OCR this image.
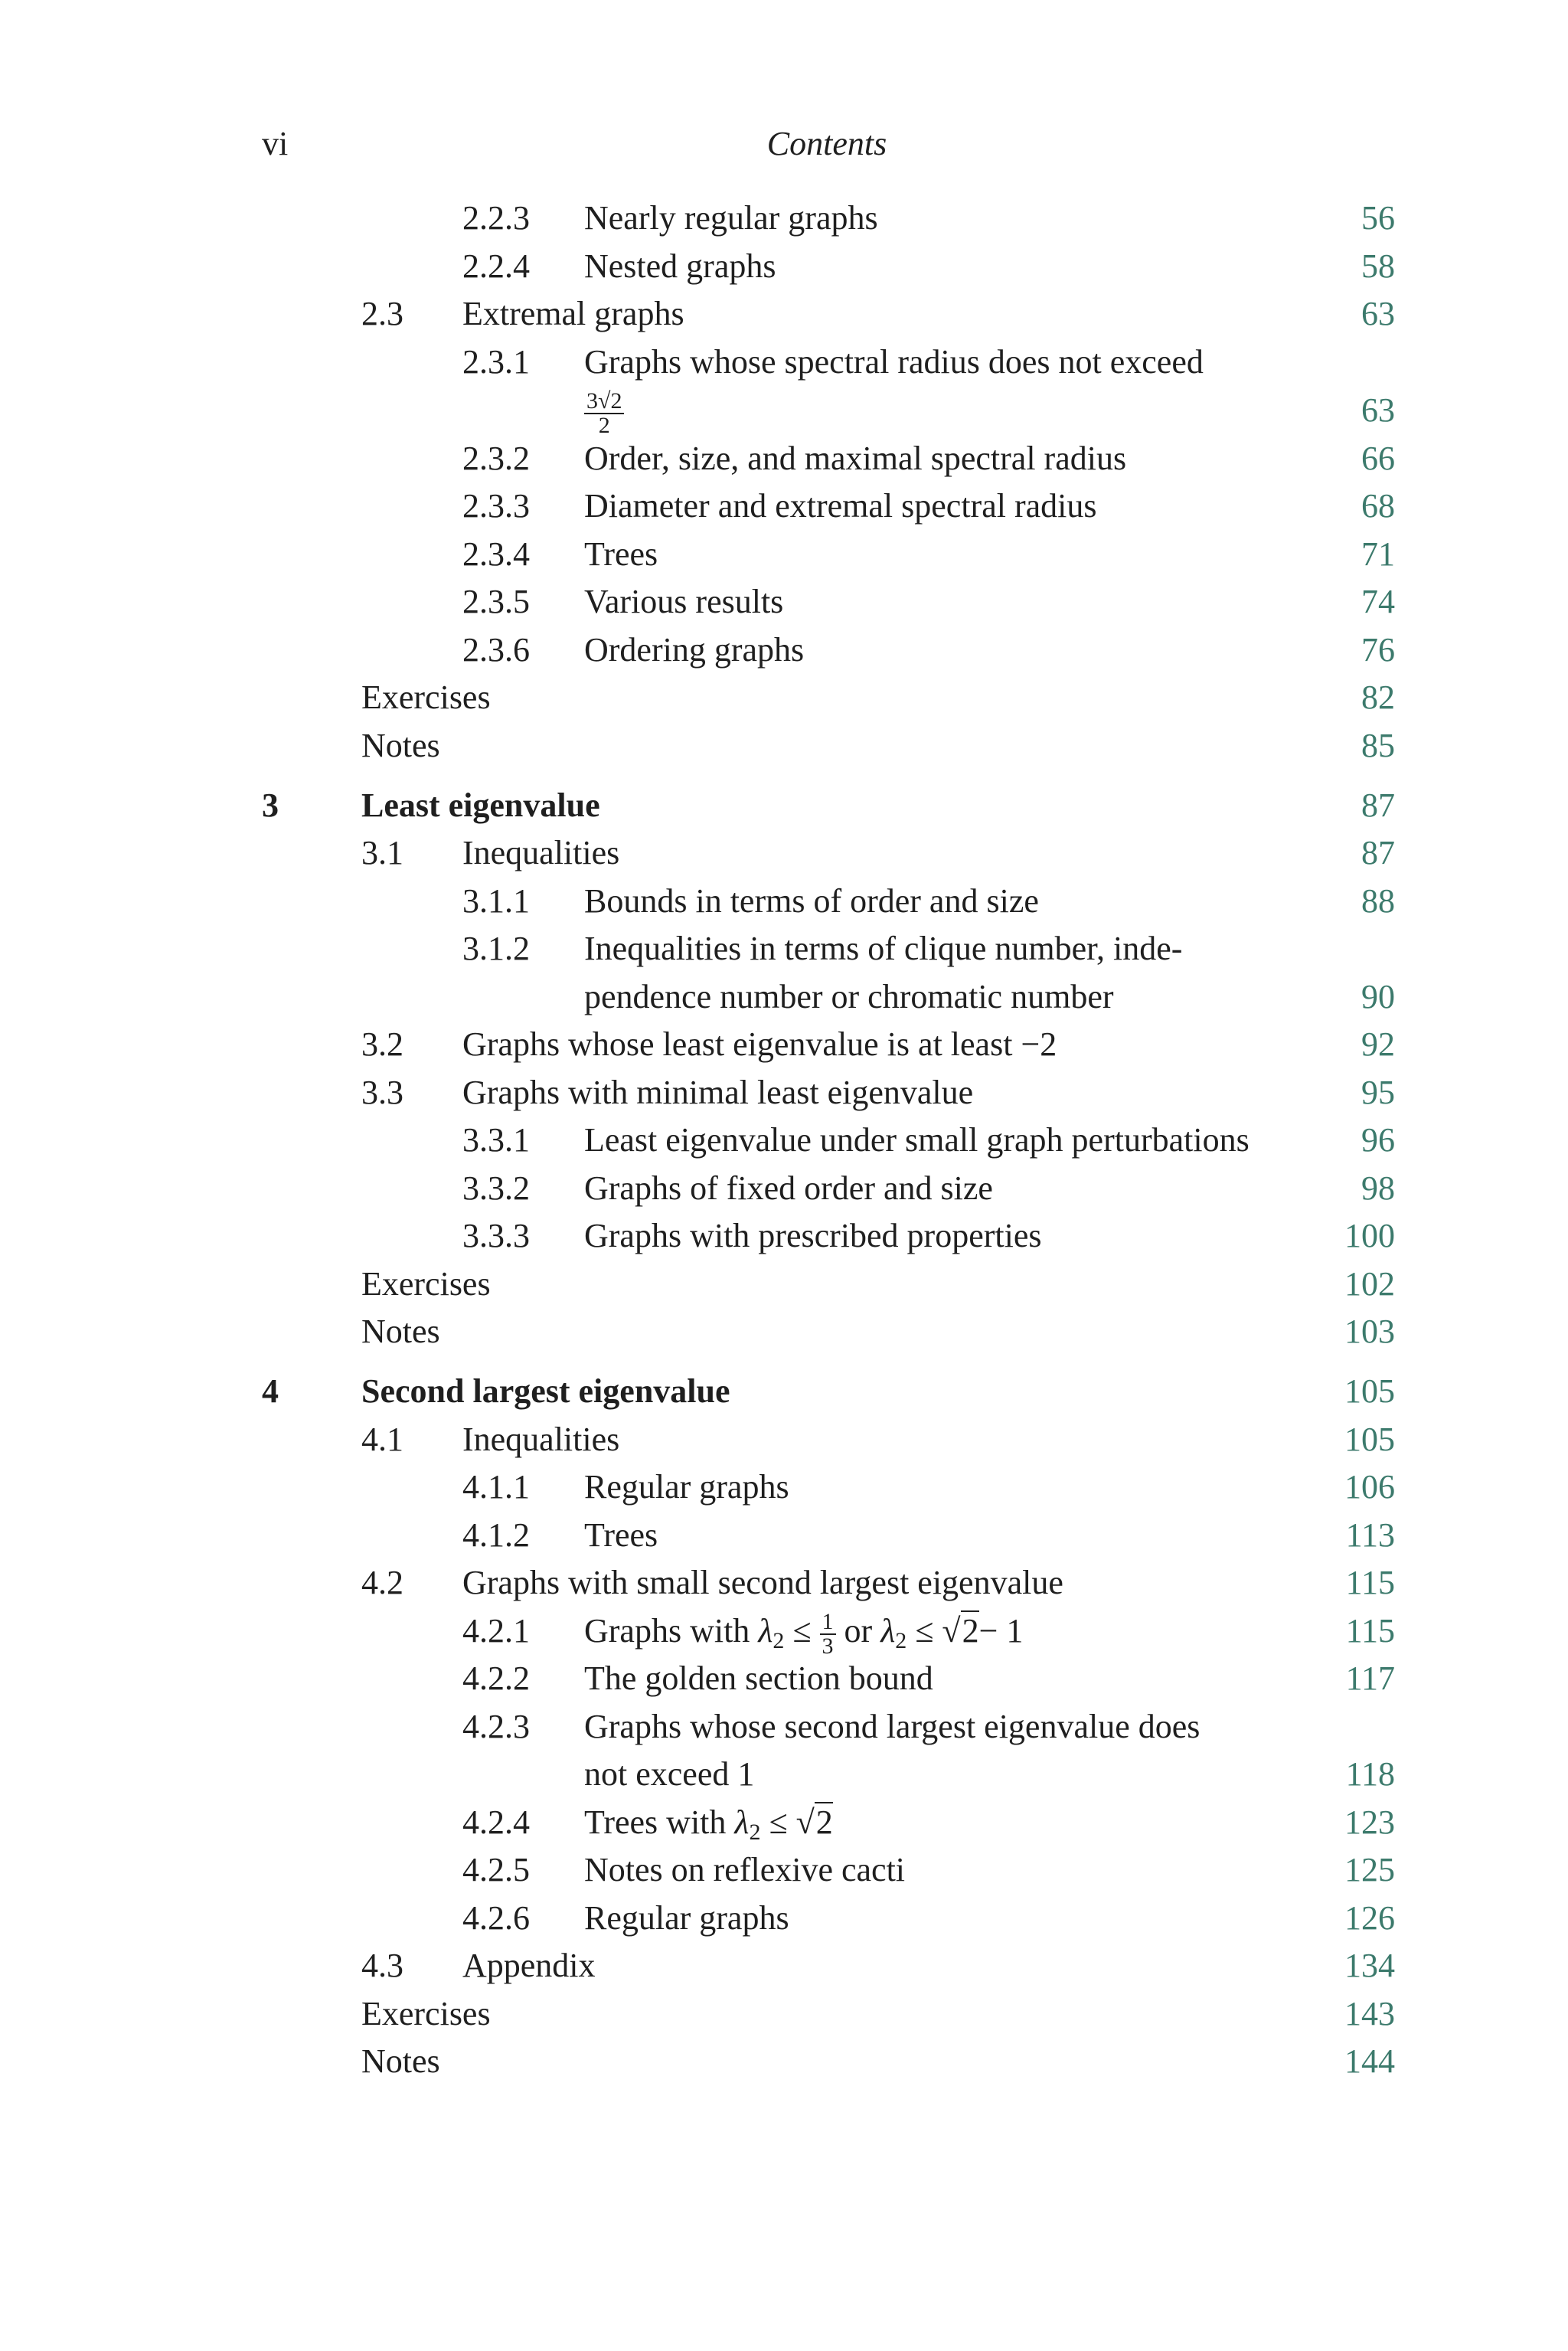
vi	Contents
2.2.3 Nearly regular graphs	56
2.2.4 Nested graphs	58
2.3 Extremal graphs	63
2.3.1 Graphs whose spectral radius does not exceed
$\frac{3√2}{2}$	63
2.3.2 Order, size, and maximal spectral radius	66
2.3.3 Diameter and extremal spectral radius	68
2.3.4 Trees	71
2.3.5 Various results	74
2.3.6 Ordering graphs	76
Exercises	82
Notes	85
3 Least eigenvalue	87
3.1 Inequalities	87
3.1.1 Bounds in terms of order and size	88
3.1.2 Inequalities in terms of clique number, inde-
pendence number or chromatic number	90
3.2 Graphs whose least eigenvalue is at least −2	92
3.3 Graphs with minimal least eigenvalue	95
3.3.1 Least eigenvalue under small graph perturbations	96
3.3.2 Graphs of fixed order and size	98
3.3.3 Graphs with prescribed properties	100
Exercises	102
Notes	103
4 Second largest eigenvalue	105
4.1 Inequalities	105
4.1.1 Regular graphs	106
4.1.2 Trees	113
4.2 Graphs with small second largest eigenvalue	115
4.2.1 Graphs with $\lambda_2 \le \frac{1}{3}$ or $\lambda_2 \le √2- 1$	115
4.2.2 The golden section bound	117
4.2.3 Graphs whose second largest eigenvalue does
not exceed 1	118
4.2.4 Trees with $\lambda_2 \le √2$	123
4.2.5 Notes on reflexive cacti	125
4.2.6 Regular graphs	126
4.3 Appendix	134
Exercises	143
Notes	144
